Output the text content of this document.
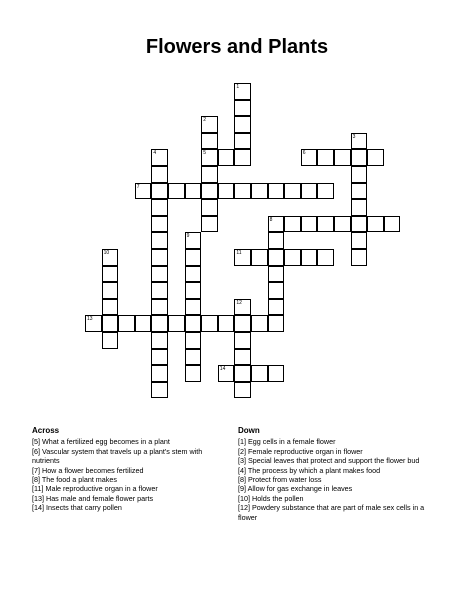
Flowers and Plants
5	6
7
8
11
13
14
1
2
3
4
9
10
12
Across
[5] What a fertilized egg becomes in a plant
[6] Vascular system that travels up a plant's stem with nutrients
[7] How a flower becomes fertilized
[8] The food a plant makes
[11] Male reproductive organ in a flower
[13] Has male and female flower parts
[14] Insects that carry pollen
Down
[1] Egg cells in a female flower
[2] Female reproductive organ in flower
[3] Special leaves that protect and support the flower bud
[4] The process by which a plant makes food
[8] Protect from water loss
[9] Allow for gas exchange in leaves
[10] Holds the pollen
[12] Powdery substance that are part of male sex cells in a flower
